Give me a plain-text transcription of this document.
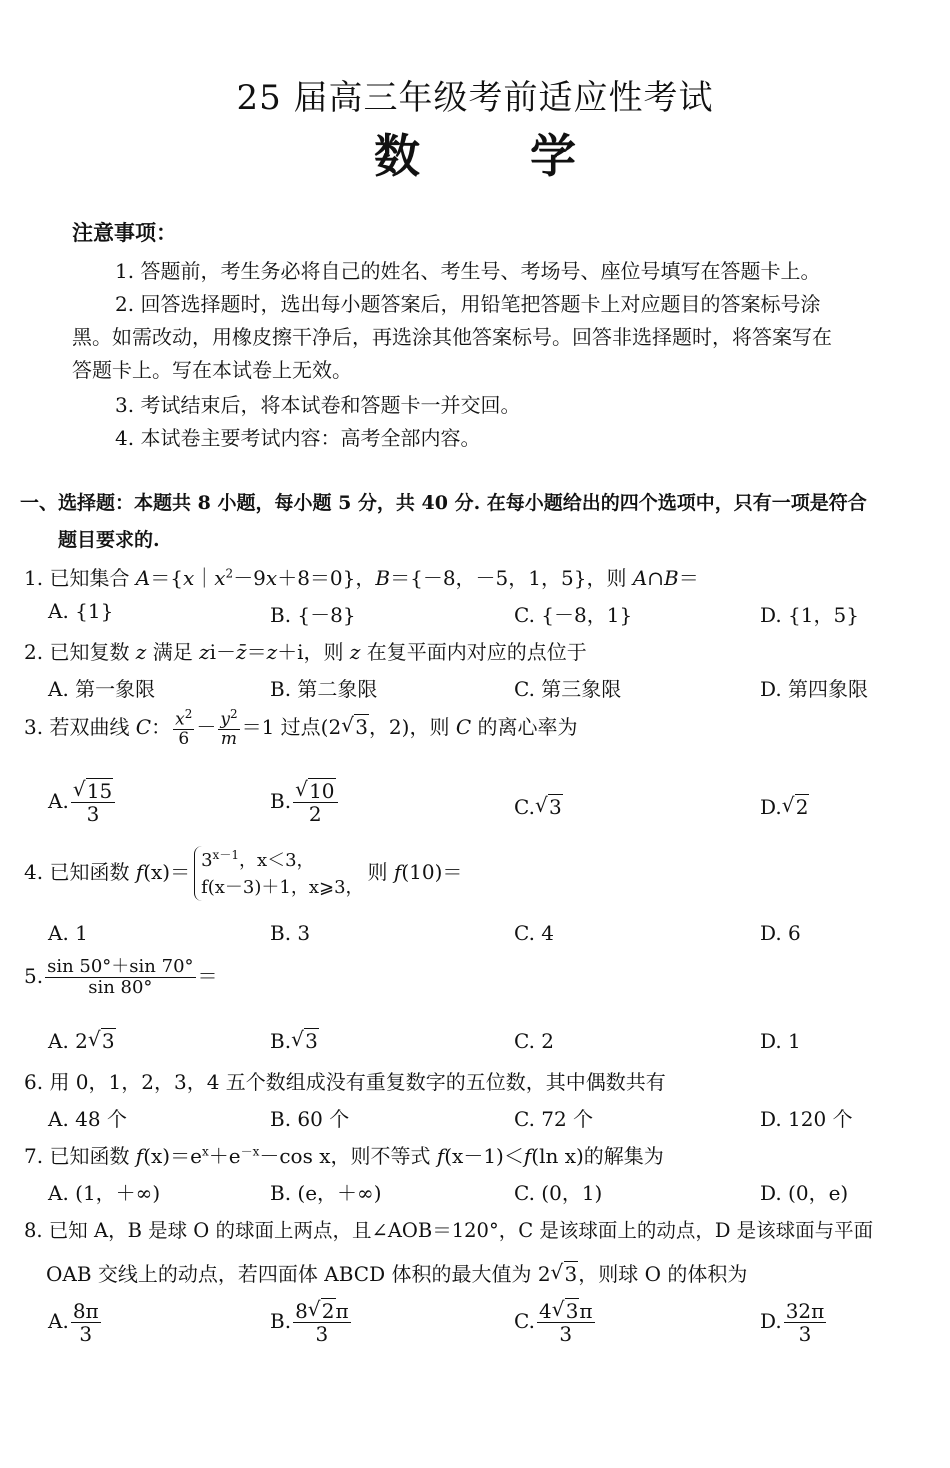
25 届高三年级考前适应性考试
数 学
注意事项：
1. 答题前，考生务必将自己的姓名、考生号、考场号、座位号填写在答题卡上。
2. 回答选择题时，选出每小题答案后，用铅笔把答题卡上对应题目的答案标号涂
黑。如需改动，用橡皮擦干净后，再选涂其他答案标号。回答非选择题时，将答案写在
答题卡上。写在本试卷上无效。
3. 考试结束后，将本试卷和答题卡一并交回。
4. 本试卷主要考试内容：高考全部内容。
一、选择题：本题共 8 小题，每小题 5 分，共 40 分. 在每小题给出的四个选项中，只有一项是符合
题目要求的.
1. 已知集合 $A=\{x|x^2-9x+8=0\}$，B＝{－8，－5，1，5}，则 A∩B＝
A. {1}	B. {－8}	C. {－8，1}	D. {1，5}
2. 已知复数 z 满足 zi－z̄＝z＋i，则 z 在复平面内对应的点位于
A. 第一象限	B. 第二象限	C. 第三象限	D. 第四象限
3. 若双曲线 C： $\frac{x^2}{6} - \frac{y^2}{m} =1$ 过点(2 √ 3，2)，则 C 的离心率为
A. √ $\frac{15}{3}$	B. √ $\frac{10}{2}$	C. √ 3	D. √ 2
4. 已知函数 $f(x)= 3^{x-1}$，x＜3，
f(x－3)＋1，x⩾3，
则 f(10)＝
A. 1	B. 3	C. 4	D. 6
5. $\frac{\sin 50^\circ+\sin 70^\circ}{\sin 80^\circ}$ ＝
A. 2 √ 3	B. √ 3	C. 2	D. 1
6. 用 0，1，2，3，4 五个数组成没有重复数字的五位数，其中偶数共有
A. 48 个	B. 60 个	C. 72 个	D. 120 个
7. 已知函数 $f(x)=e^x+e^{-x}-\cos$ x，则不等式 f(x－1)＜f(ln x)的解集为
A. (1，＋∞)	B. (e，＋∞)	C. (0，1)	D. (0，e)
8. 已知 A，B 是球 O 的球面上两点，且∠AOB＝120°，C 是该球面上的动点，D 是该球面与平面
OAB 交线上的动点，若四面体 ABCD 体积的最大值为 2 √ 3，则球 O 的体积为
A. $\frac{8\pi}{3}$	B. $\frac{8 √ 2\pi}{3}$	C. $\frac{4 √ 3\pi}{3}$	D. $\frac{32\pi}{3}$
